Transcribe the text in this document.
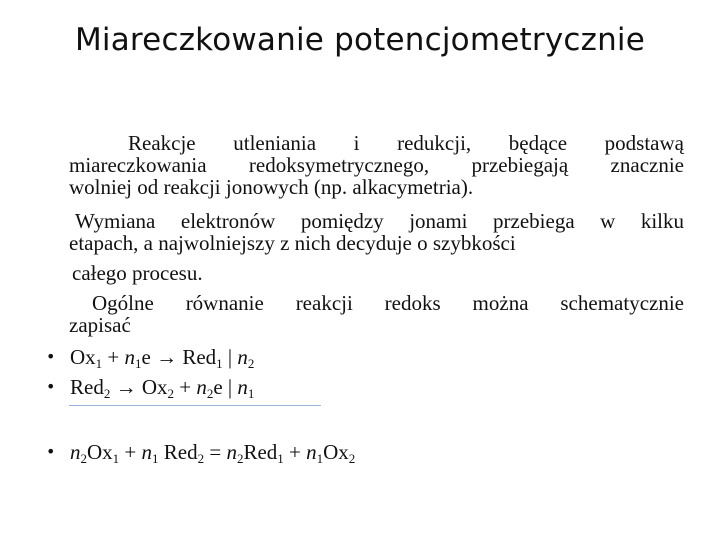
Miareczkowanie potencjometrycznie
Reakcje utleniania i redukcji, będące podstawą
miareczkowania redoksymetrycznego, przebiegają znacznie
wolniej od reakcji jonowych (np. alkacymetria).
Wymiana elektronów pomiędzy jonami przebiega w kilku
etapach, a najwolniejszy z nich decyduje o szybkości
całego procesu.
Ogólne równanie reakcji redoks można schematycznie
zapisać
• $Ox_1 + n_1e \to Red_1$ | $n_2$
• $Red_2 \to Ox_2 + n_2e$ | $n_1$
• $n_2Ox_1 + n_1$ $Red_2 = n_2Red_1 + n_1Ox_2$
